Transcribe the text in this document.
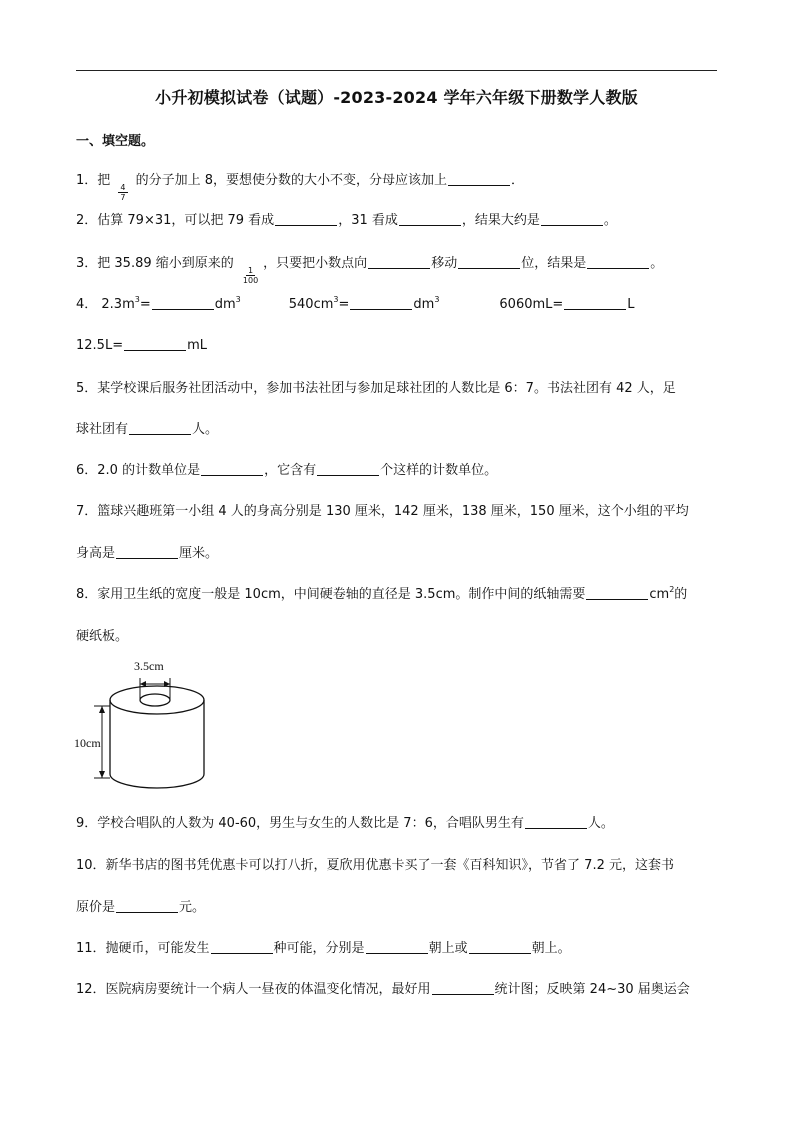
小升初模拟试卷（试题）-2023-2024 学年六年级下册数学人教版
一、填空题。
1．把
$\frac{4}{7}$
的分子加上 8，要想使分数的大小不变，分母应该加上	．
2．估算 79×31，可以把 79 看成	，31 看成	，结果大约是	。
3．把 35.89 缩小到原来的
$\frac{1}{100}$
，只要把小数点向	移动	位，结果是	。
4． $2.3m^3=$	$dm^3$	$540cm^3=$	$dm^3$	6060mL=	L
12.5L=	mL
5．某学校课后服务社团活动中，参加书法社团与参加足球社团的人数比是 6：7。书法社团有 42 人，足
球社团有	人。
6．2.0 的计数单位是	，它含有	个这样的计数单位。
7．篮球兴趣班第一小组 4 人的身高分别是 130 厘米，142 厘米，138 厘米，150 厘米，这个小组的平均
身高是	厘米。
8．家用卫生纸的宽度一般是 10cm，中间硬卷轴的直径是 3.5cm。制作中间的纸轴需要	$cm^2$的
硬纸板。
3.5cm
10cm
9．学校合唱队的人数为 40-60，男生与女生的人数比是 7：6，合唱队男生有	人。
10．新华书店的图书凭优惠卡可以打八折，夏欣用优惠卡买了一套《百科知识》，节省了 7.2 元，这套书
原价是	元。
11．抛硬币，可能发生	种可能，分别是	朝上或	朝上。
12．医院病房要统计一个病人一昼夜的体温变化情况，最好用	统计图；反映第 24~30 届奥运会
